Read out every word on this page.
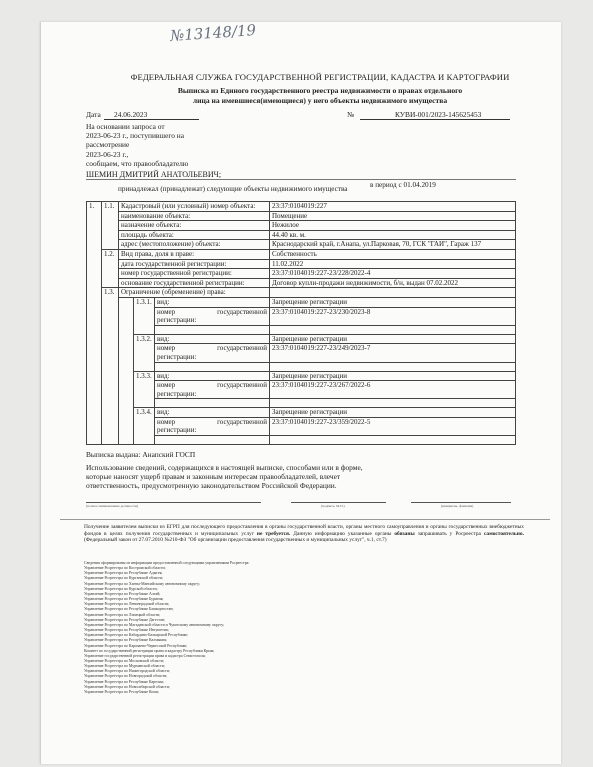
№13148/19
ФЕДЕРАЛЬНАЯ СЛУЖБА ГОСУДАРСТВЕННОЙ РЕГИСТРАЦИИ, КАДАСТРА И КАРТОГРАФИИ
Выписка из Единого государственного реестра недвижимости о правах отдельного
лица на имевшиеся(имеющиеся) у него объекты недвижимого имущества
Дата 24.06.2023	№	КУВИ-001/2023-145625453
На основании запроса от
2023-06-23 г., поступившего на
рассмотрение
2023-06-23 г.,
сообщаем, что правообладателю
ШЕМИН ДМИТРИЙ АНАТОЛЬЕВИЧ;
принадлежал (принадлежат) следующие объекты недвижимого имущества	в период с 01.04.2019
1.	1.1.	Кадастровый (или условный) номер объекта:			23:37:0104019:227
		наименование объекта:			Помещение
		назначение объекта:			Нежилое
		площадь объекта:			44.40 кв. м.
		адрес (местоположение) объекта:			Краснодарский край, г.Анапа, ул.Парковая, 70, ГСК "ГАИ", Гараж 137
	1.2.	Вид права, доля в праве:			Собственность
		дата государственной регистрации:			11.02.2022
		номер государственной регистрации:			23:37:0104019:227-23/228/2022-4
		основание государственной регистрации:			Договор купли-продажи недвижимости, б/н, выдан 07.02.2022
	1.3.	Ограничение (обременение) права:			
			1.3.1.	вид:	Запрещение регистрации
				номер государственной регистрации:	23:37:0104019:227-23/230/2023-8

			1.3.2.	вид:	Запрещение регистрации
				номер государственной регистрации:	23:37:0104019:227-23/249/2023-7

			1.3.3.	вид:	Запрещение регистрации
				номер государственной регистрации:	23:37:0104019:227-23/267/2022-6

			1.3.4.	вид:	Запрещение регистрации
				номер государственной регистрации:	23:37:0104019:227-23/359/2022-5

Выписка выдана: Анапский ГОСП
Использование сведений, содержащихся в настоящей выписке, способами или в форме,
которые наносят ущерб правам и законным интересам правообладателей, влечет
ответственность, предусмотренную законодательством Российской Федерации.
(полное наименование должности)	(подпись, М.П.)	(инициалы, фамилия)
Получение заявителем выписки из ЕГРП для последующего предоставления в органы государственной власти, органы местного самоуправления и органы государственных внебюджетных фондов в целях получения государственных и муниципальных услуг не требуется. Данную информацию указанные органы обязаны запрашивать у Росреестра самостоятельно. (Федеральный закон от 27.07.2010 №210-ФЗ "Об организации предоставления государственных и муниципальных услуг", ч.1, ст.7)
Сведения сформированы из информации предоставленной следующими управлениями Росреестра:
Управление Росреестра по Костромской области;
Управление Росреестра по Республике Адыгея;
Управление Росреестра по Курганской области;
Управление Росреестра по Ханты-Мансийскому автономному округу;
Управление Росреестра по Курской области;
Управление Росреестра по Республике Алтай;
Управление Росреестра по Республике Бурятия;
Управление Росреестра по Ленинградской области;
Управление Росреестра по Республике Башкортостан;
Управление Росреестра по Липецкой области;
Управление Росреестра по Республике Дагестан;
Управление Росреестра по Магаданской области и Чукотскому автономному округу;
Управление Росреестра по Республике Ингушетия;
Управление Росреестра по Кабардино-Балкарской Республике;
Управление Росреестра по Республике Калмыкия;
Управление Росреестра по Карачаево-Черкесской Республике;
Комитет по государственной регистрации права и кадастру Республики Крым;
Управление государственной регистрации права и кадастра Севастополя;
Управление Росреестра по Московской области;
Управление Росреестра по Мурманской области;
Управление Росреестра по Нижегородской области;
Управление Росреестра по Новгородской области;
Управление Росреестра по Республике Карелия;
Управление Росреестра по Новосибирской области;
Управление Росреестра по Республике Коми;
